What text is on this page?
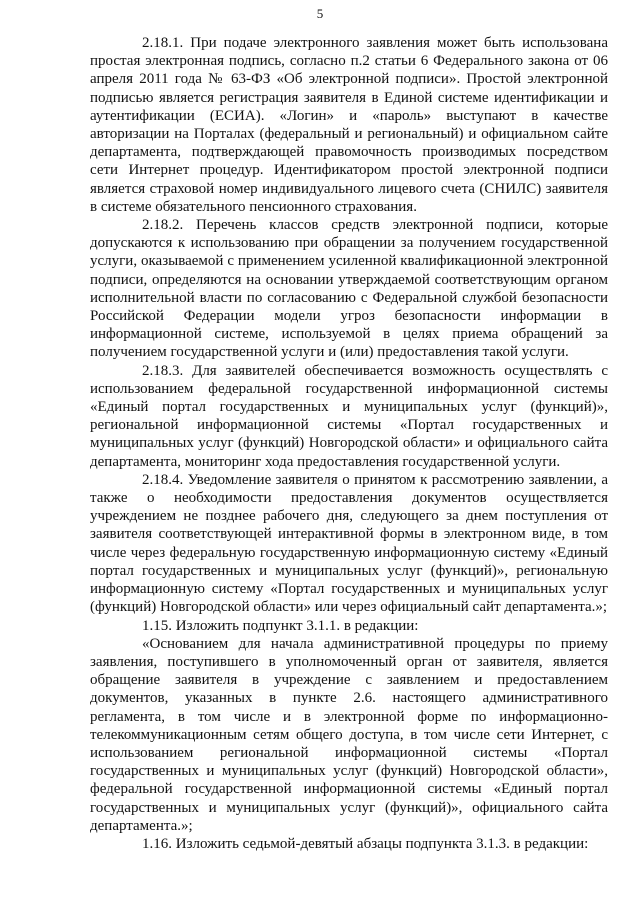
5

2.18.1. При подаче электронного заявления может быть использована простая электронная подпись, согласно п.2 статьи 6 Федерального закона от 06 апреля 2011 года № 63-ФЗ «Об электронной подписи». Простой электронной подписью является регистрация заявителя в Единой системе идентификации и аутентификации (ЕСИА). «Логин» и «пароль» выступают в качестве авторизации на Порталах (федеральный и региональный) и официальном сайте департамента, подтверждающей правомочность производимых посредством сети Интернет процедур. Идентификатором простой электронной подписи является страховой номер индивидуального лицевого счета (СНИЛС) заявителя в системе обязательного пенсионного страхования.

2.18.2. Перечень классов средств электронной подписи, которые допускаются к использованию при обращении за получением государственной услуги, оказываемой с применением усиленной квалификационной электронной подписи, определяются на основании утверждаемой соответствующим органом исполнительной власти по согласованию с Федеральной службой безопасности Российской Федерации модели угроз безопасности информации в информационной системе, используемой в целях приема обращений за получением государственной услуги и (или) предоставления такой услуги.

2.18.3. Для заявителей обеспечивается возможность осуществлять с использованием федеральной государственной информационной системы «Единый портал государственных и муниципальных услуг (функций)», региональной информационной системы «Портал государственных и муниципальных услуг (функций) Новгородской области» и официального сайта департамента, мониторинг хода предоставления государственной услуги.

2.18.4. Уведомление заявителя о принятом к рассмотрению заявлении, а также о необходимости предоставления документов осуществляется учреждением не позднее рабочего дня, следующего за днем поступления от заявителя соответствующей интерактивной формы в электронном виде, в том числе через федеральную государственную информационную систему «Единый портал государственных и муниципальных услуг (функций)», региональную информационную систему «Портал государственных и муниципальных услуг (функций) Новгородской области» или через официальный сайт департамента.»;

1.15. Изложить подпункт 3.1.1. в редакции:

«Основанием для начала административной процедуры по приему заявления, поступившего в уполномоченный орган от заявителя, является обращение заявителя в учреждение с заявлением и предоставлением документов, указанных в пункте 2.6. настоящего административного регламента, в том числе и в электронной форме по информационно-телекоммуникационным сетям общего доступа, в том числе сети Интернет, с использованием региональной информационной системы «Портал государственных и муниципальных услуг (функций) Новгородской области», федеральной государственной информационной системы «Единый портал государственных и муниципальных услуг (функций)», официального сайта департамента.»;

1.16. Изложить седьмой-девятый абзацы подпункта 3.1.3. в редакции:
